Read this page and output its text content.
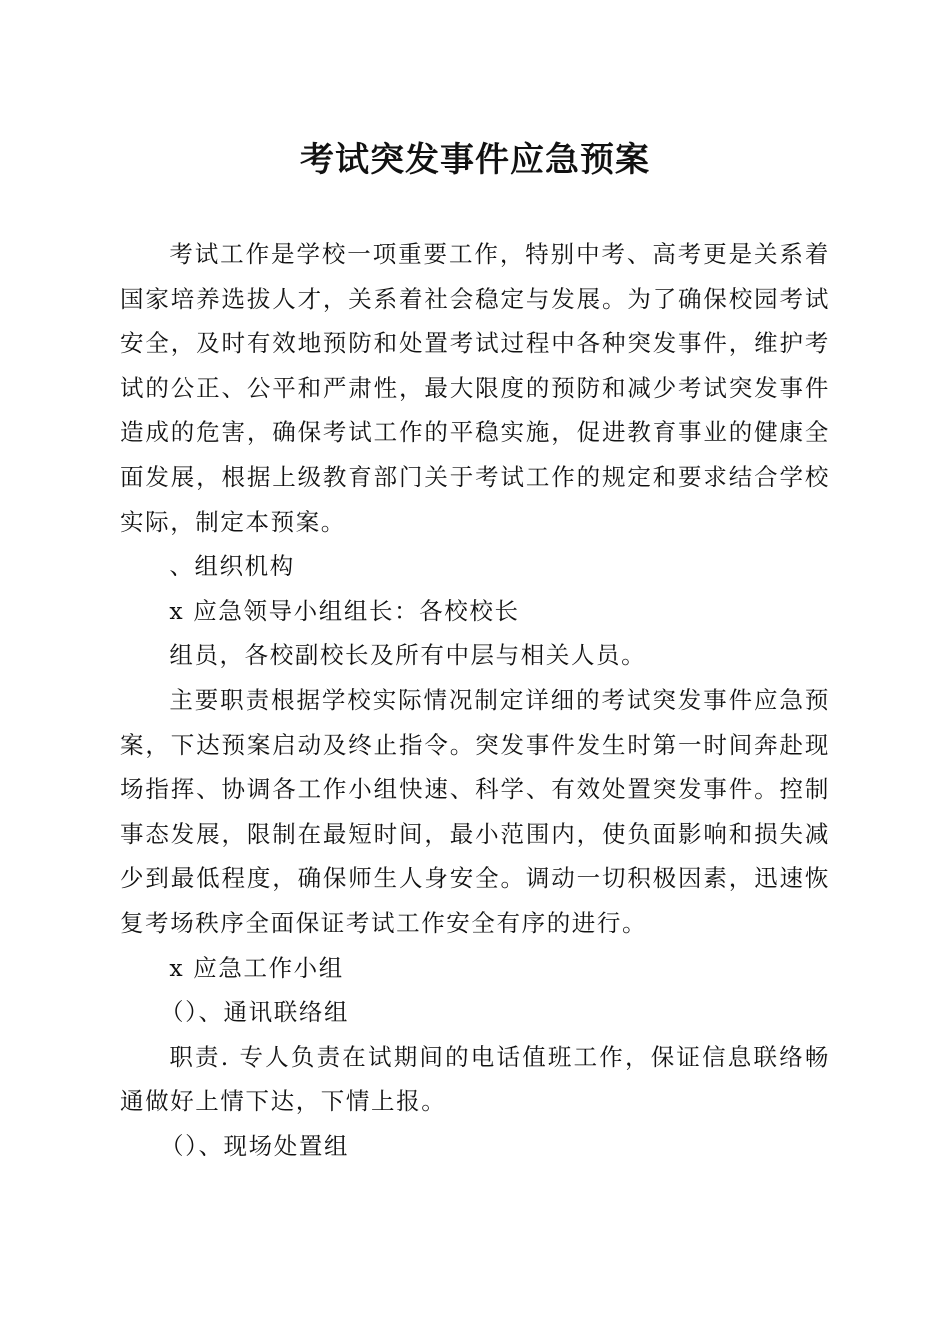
考试突发事件应急预案

考试工作是学校一项重要工作，特别中考、高考更是关系着国家培养选拔人才，关系着社会稳定与发展。为了确保校园考试安全，及时有效地预防和处置考试过程中各种突发事件，维护考试的公正、公平和严肃性，最大限度的预防和减少考试突发事件造成的危害，确保考试工作的平稳实施，促进教育事业的健康全面发展，根据上级教育部门关于考试工作的规定和要求结合学校实际，制定本预案。

、组织机构

x 应急领导小组组长：各校校长

组员，各校副校长及所有中层与相关人员。

主要职责根据学校实际情况制定详细的考试突发事件应急预案，下达预案启动及终止指令。突发事件发生时第一时间奔赴现场指挥、协调各工作小组快速、科学、有效处置突发事件。控制事态发展，限制在最短时间，最小范围内，使负面影响和损失减少到最低程度，确保师生人身安全。调动一切积极因素，迅速恢复考场秩序全面保证考试工作安全有序的进行。

x 应急工作小组

（）、通讯联络组

职责. 专人负责在试期间的电话值班工作，保证信息联络畅通做好上情下达，下情上报。

（）、现场处置组
